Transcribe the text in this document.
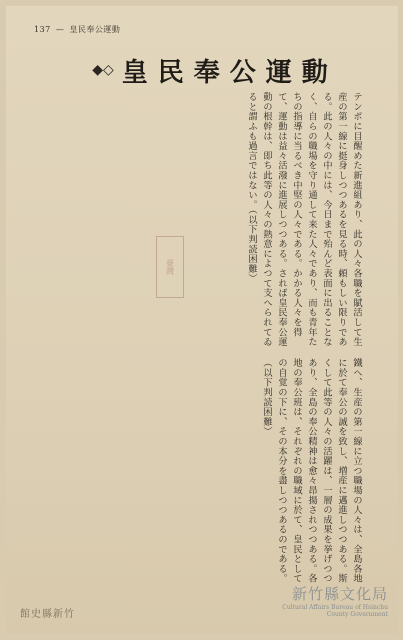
137 — 皇民奉公運動
◆◇ 皇民奉公運動
テンポに目醒めた新進組あり、此の人々各職を賦活して生産の第一線に挺身しつつあるを見る時、頼もしい限りである。此の人々の中には、今日まで殆んど表面に出ることなく、自らの職場を守り通して来た人々であり、而も青年たちの指導に当るべき中堅の人々である。かかる人々を得て、運動は益々活潑に進展しつつある。されば皇民奉公運動の根幹は、即ち此等の人々の熱意によつて支へられてゐると謂ふも過言ではない。（以下判読困難）
鐵へ、生産の第一線に立つ職場の人々は、全島各地に於て奉公の誠を致し、増産に邁進しつつある。斯くして此等の人々の活躍は、一層の成果を挙げつつあり、全島の奉公精神は愈々昂揚されつつある。各地の奉公班は、それぞれの職域に於て、皇民としての自覚の下に、その本分を盡しつつあるのである。（以下判読困難）
臺灣
館史縣新竹
新竹縣文化局
Cultural Affairs Bureau of Hsinchu
County Government
